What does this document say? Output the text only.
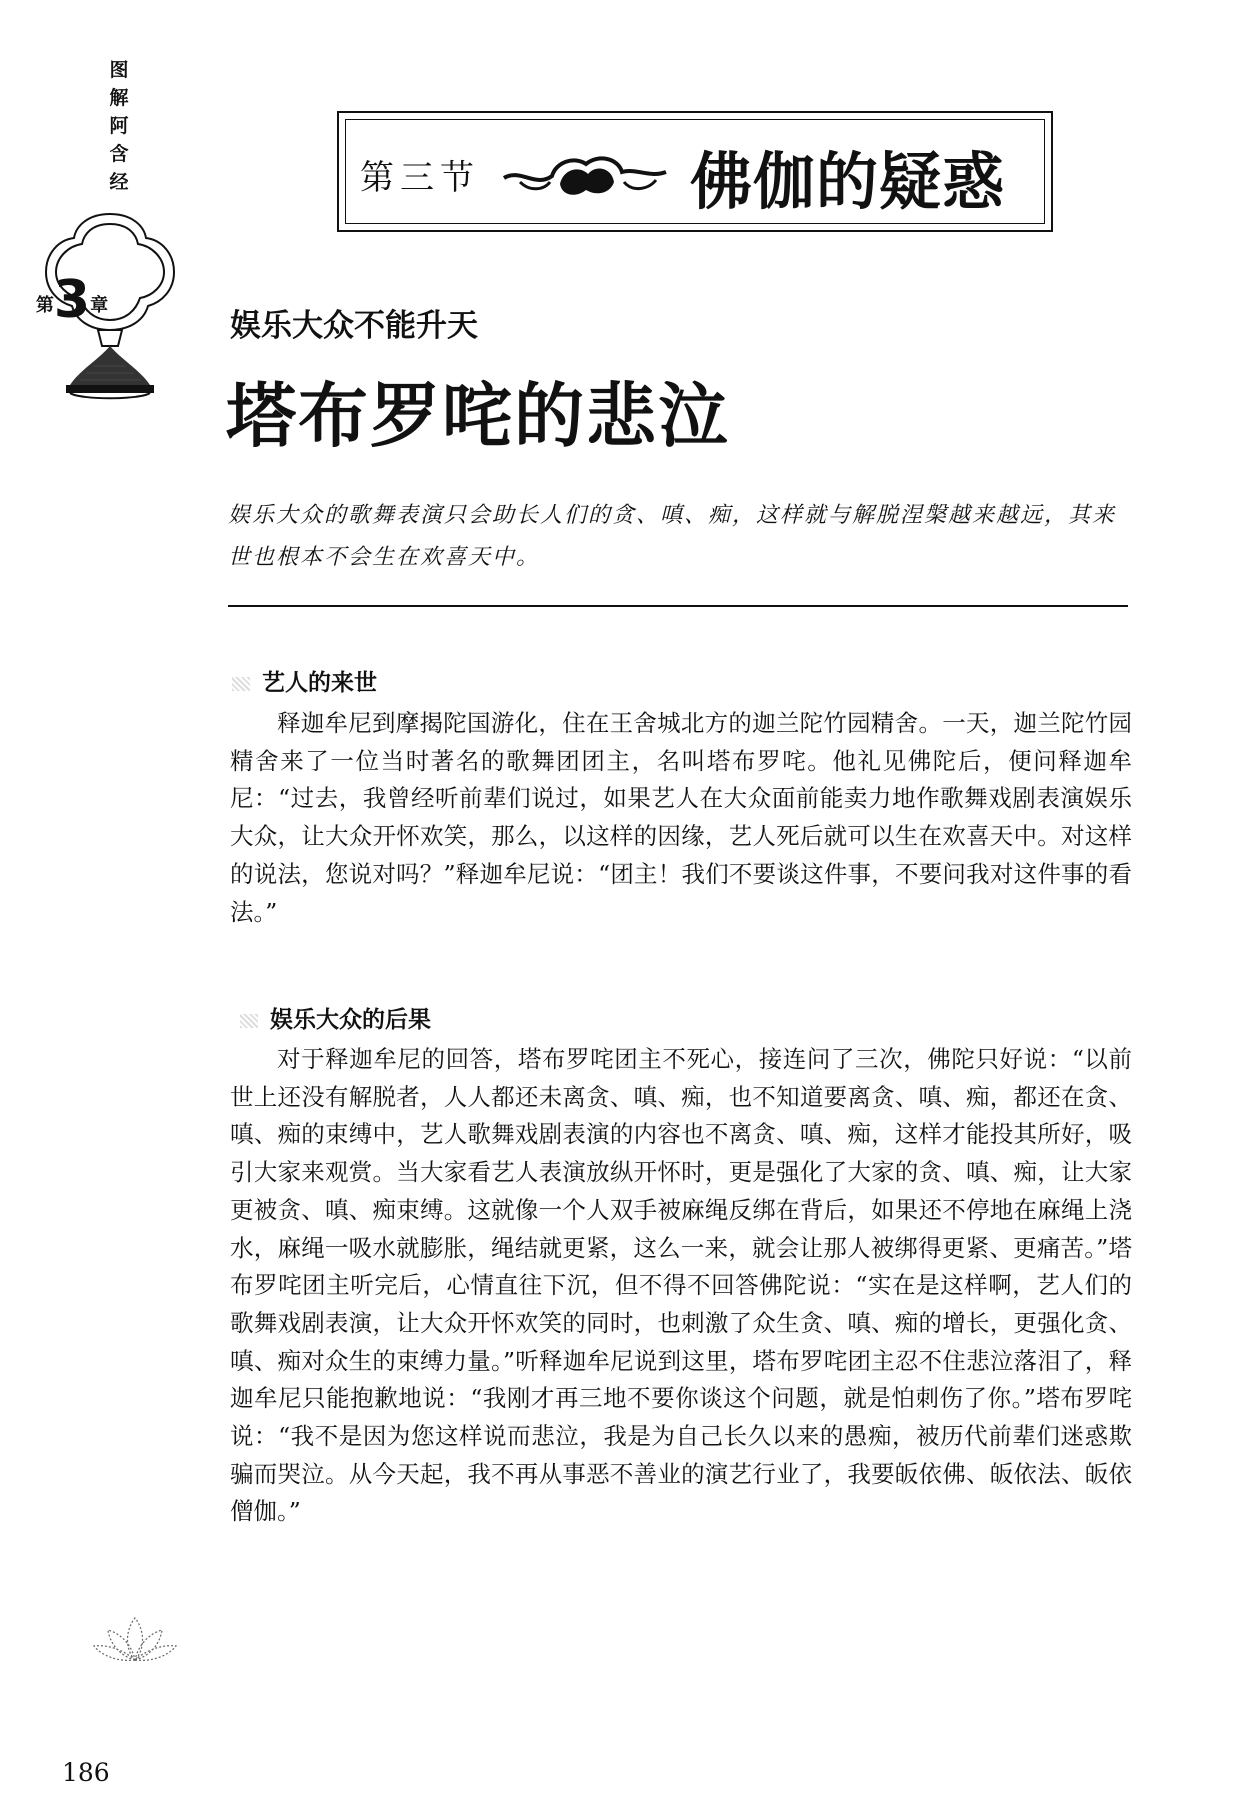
图
解
阿
含
经
第3章
第三节	佛伽的疑惑
娱乐大众不能升天
塔布罗咤的悲泣
娱乐大众的歌舞表演只会助长人们的贪、嗔、痴，这样就与解脱涅槃越来越远，其来世也根本不会生在欢喜天中。
艺人的来世
释迦牟尼到摩揭陀国游化，住在王舍城北方的迦兰陀竹园精舍。一天，迦兰陀竹园精舍来了一位当时著名的歌舞团团主，名叫塔布罗咤。他礼见佛陀后，便问释迦牟尼：“过去，我曾经听前辈们说过，如果艺人在大众面前能卖力地作歌舞戏剧表演娱乐大众，让大众开怀欢笑，那么，以这样的因缘，艺人死后就可以生在欢喜天中。对这样的说法，您说对吗？”释迦牟尼说：“团主！我们不要谈这件事，不要问我对这件事的看法。”
娱乐大众的后果
对于释迦牟尼的回答，塔布罗咤团主不死心，接连问了三次，佛陀只好说：“以前世上还没有解脱者，人人都还未离贪、嗔、痴，也不知道要离贪、嗔、痴，都还在贪、嗔、痴的束缚中，艺人歌舞戏剧表演的内容也不离贪、嗔、痴，这样才能投其所好，吸引大家来观赏。当大家看艺人表演放纵开怀时，更是强化了大家的贪、嗔、痴，让大家更被贪、嗔、痴束缚。这就像一个人双手被麻绳反绑在背后，如果还不停地在麻绳上浇水，麻绳一吸水就膨胀，绳结就更紧，这么一来，就会让那人被绑得更紧、更痛苦。”塔布罗咤团主听完后，心情直往下沉，但不得不回答佛陀说：“实在是这样啊，艺人们的歌舞戏剧表演，让大众开怀欢笑的同时，也刺激了众生贪、嗔、痴的增长，更强化贪、嗔、痴对众生的束缚力量。”听释迦牟尼说到这里，塔布罗咤团主忍不住悲泣落泪了，释迦牟尼只能抱歉地说：“我刚才再三地不要你谈这个问题，就是怕刺伤了你。”塔布罗咤说：“我不是因为您这样说而悲泣，我是为自己长久以来的愚痴，被历代前辈们迷惑欺骗而哭泣。从今天起，我不再从事恶不善业的演艺行业了，我要皈依佛、皈依法、皈依僧伽。”
186
